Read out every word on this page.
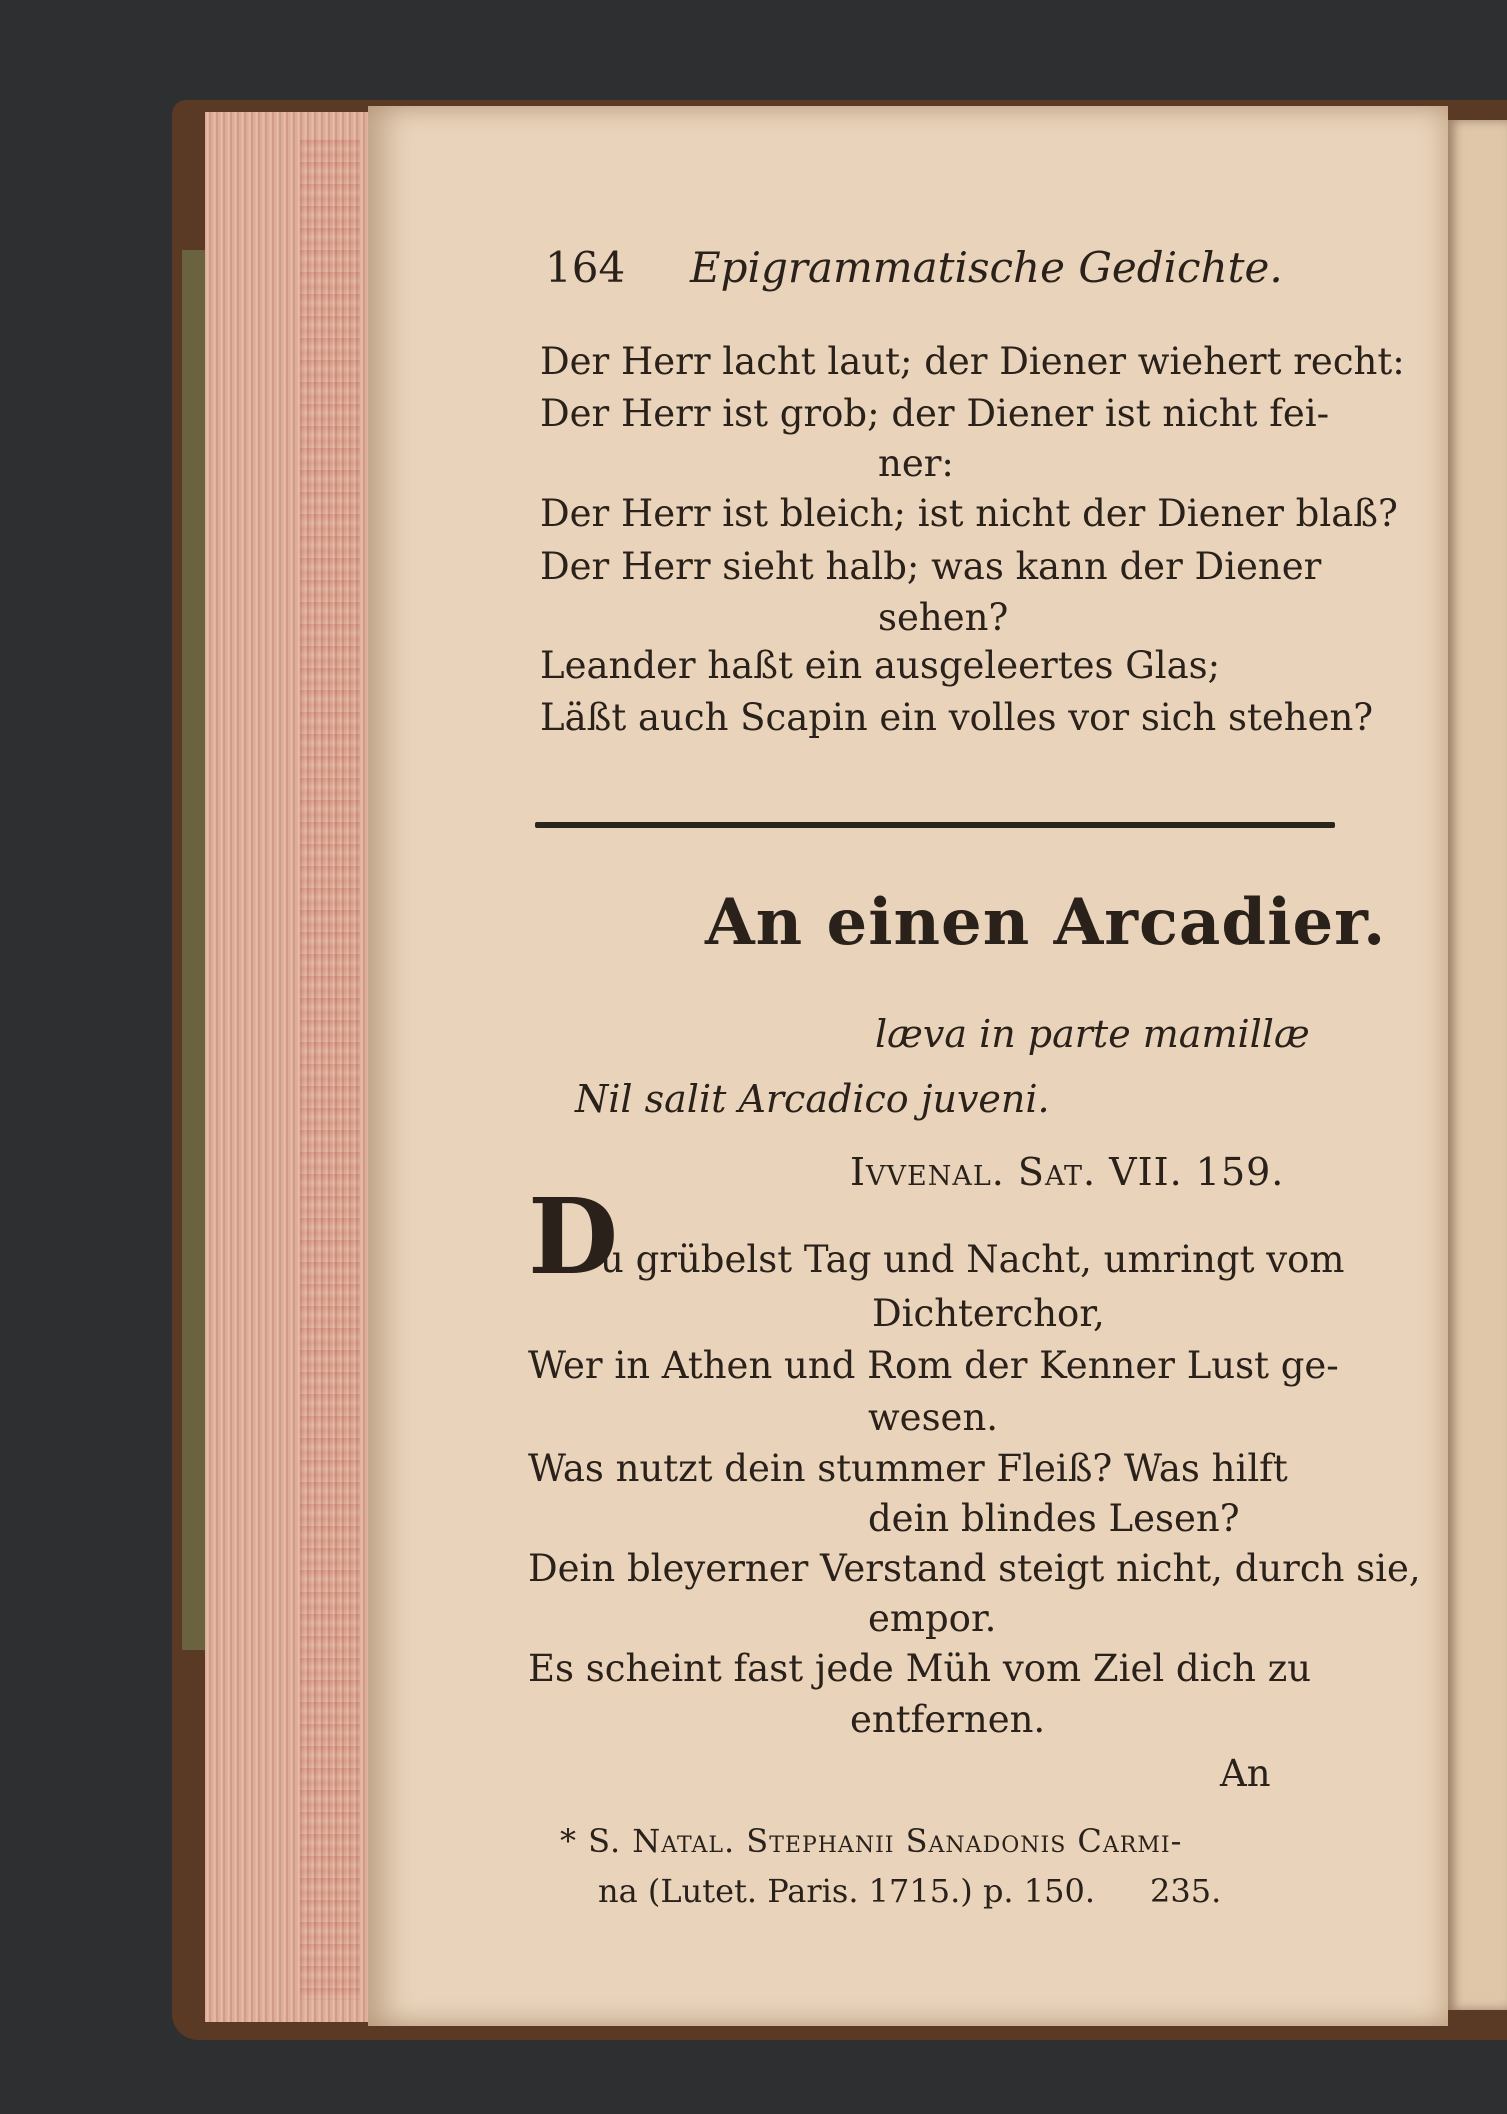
164 Epigrammatische Gedichte.
Der Herr lacht laut; der Diener wiehert recht:
Der Herr ist grob; der Diener ist nicht fei-
ner:
Der Herr ist bleich; ist nicht der Diener blaß?
Der Herr sieht halb; was kann der Diener
sehen?
Leander haßt ein ausgeleertes Glas;
Läßt auch Scapin ein volles vor sich stehen?
An einen Arcadier.
læva in parte mamillæ
Nil salit Arcadico juveni.
Ivvenal. Sat. VII. 159.
D
u grübelst Tag und Nacht, umringt vom
Dichterchor,
Wer in Athen und Rom der Kenner Lust ge-
wesen.
Was nutzt dein stummer Fleiß? Was hilft
dein blindes Lesen?
Dein bleyerner Verstand steigt nicht, durch sie,
empor.
Es scheint fast jede Müh vom Ziel dich zu
entfernen.
An
* S. Natal. Stephanii Sanadonis Carmi-
na (Lutet. Paris. 1715.) p. 150. 235.
